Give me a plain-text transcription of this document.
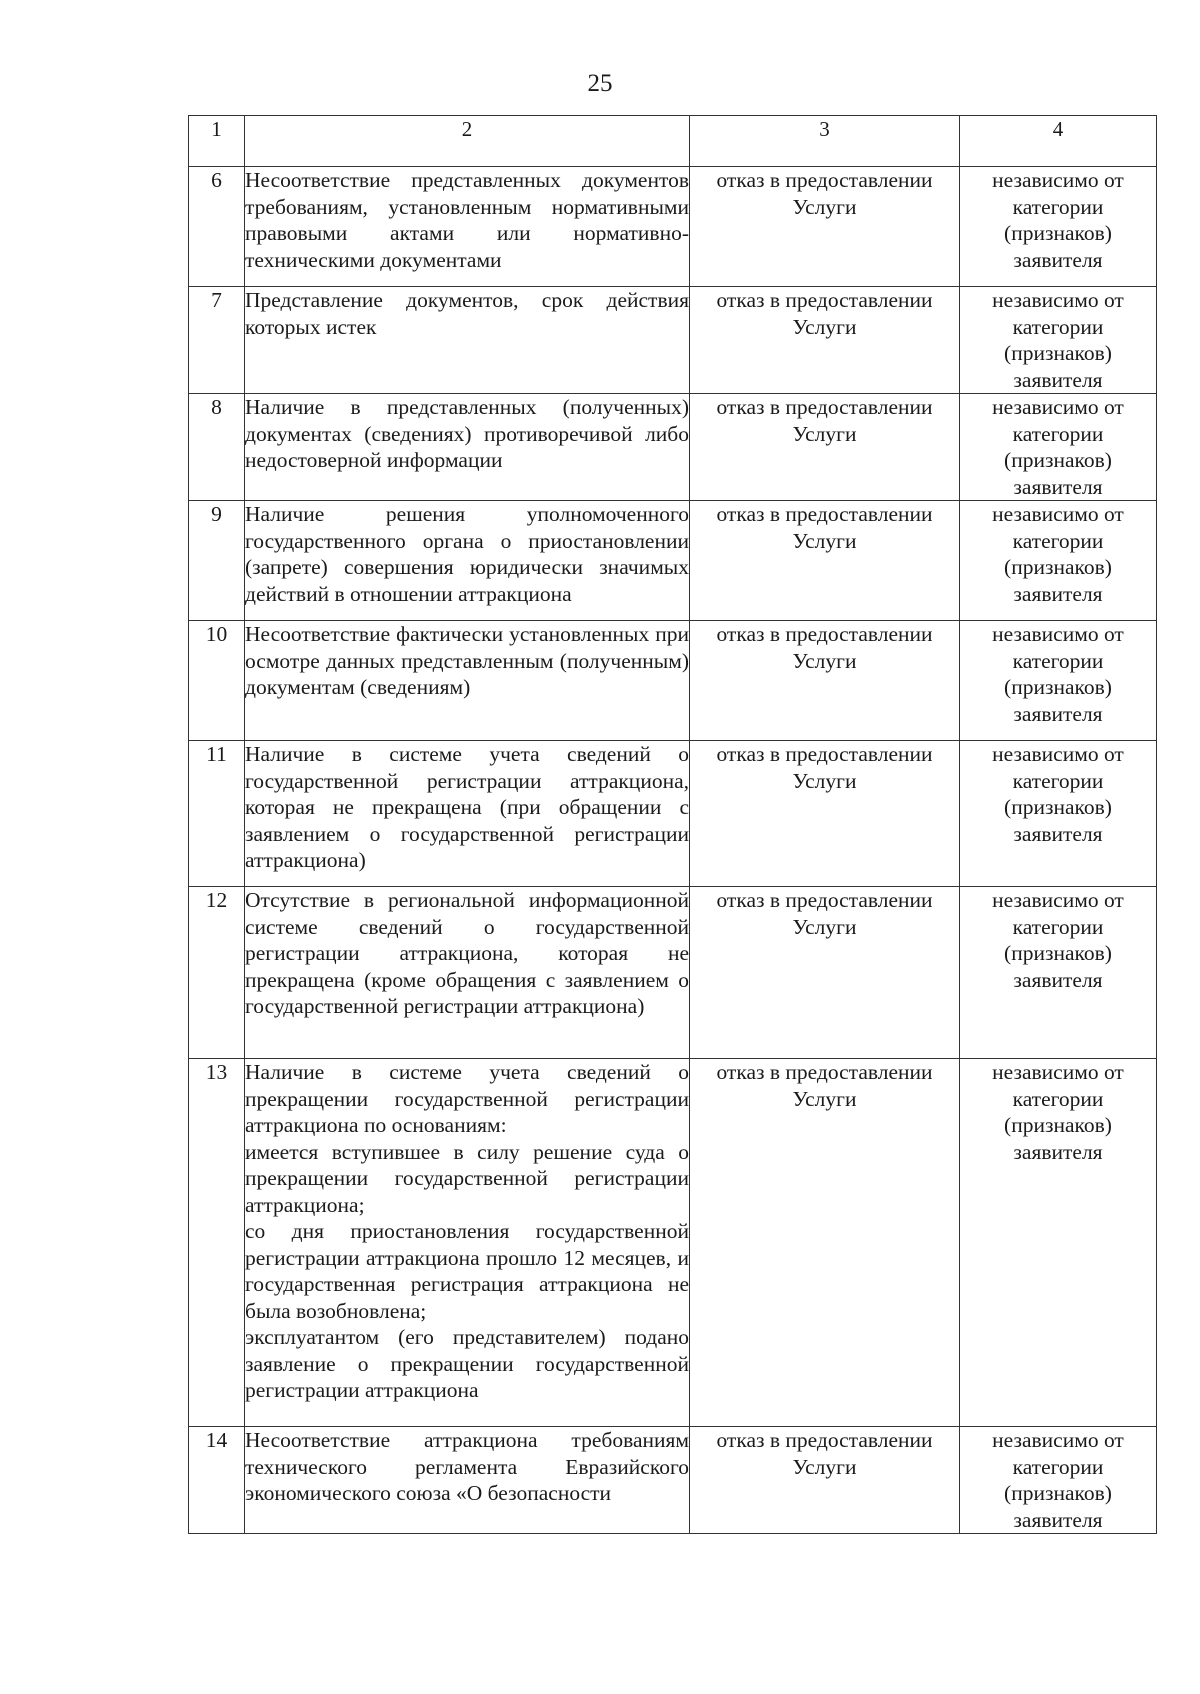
25
1	2	3	4
6	Несоответствие представленных документов требованиям, установленным нормативными правовыми актами или нормативно-техническими документами	отказ в предоставлении Услуги	независимо от категории (признаков) заявителя
7	Представление документов, срок действия которых истек	отказ в предоставлении Услуги	независимо от категории (признаков) заявителя
8	Наличие в представленных (полученных) документах (сведениях) противоречивой либо недостоверной информации	отказ в предоставлении Услуги	независимо от категории (признаков) заявителя
9	Наличие решения уполномоченного государственного органа о приостановлении (запрете) совершения юридически значимых действий в отношении аттракциона	отказ в предоставлении Услуги	независимо от категории (признаков) заявителя
10	Несоответствие фактически установленных при осмотре данных представленным (полученным) документам (сведениям)	отказ в предоставлении Услуги	независимо от категории (признаков) заявителя
11	Наличие в системе учета сведений о государственной регистрации аттракциона, которая не прекращена (при обращении с заявлением о государственной регистрации аттракциона)	отказ в предоставлении Услуги	независимо от категории (признаков) заявителя
12	Отсутствие в региональной информационной системе сведений о государственной регистрации аттракциона, которая не прекращена (кроме обращения с заявлением о государственной регистрации аттракциона)	отказ в предоставлении Услуги	независимо от категории (признаков) заявителя
13	Наличие в системе учета сведений о прекращении государственной регистрации аттракциона по основаниям:
имеется вступившее в силу решение суда о прекращении государственной регистрации аттракциона;
со дня приостановления государственной регистрации аттракциона прошло 12 месяцев, и государственная регистрация аттракциона не была возобновлена;
эксплуатантом (его представителем) подано заявление о прекращении государственной регистрации аттракциона	отказ в предоставлении Услуги	независимо от категории (признаков) заявителя
14	Несоответствие аттракциона требованиям технического регламента Евразийского экономического союза «О безопасности	отказ в предоставлении Услуги	независимо от категории (признаков) заявителя
